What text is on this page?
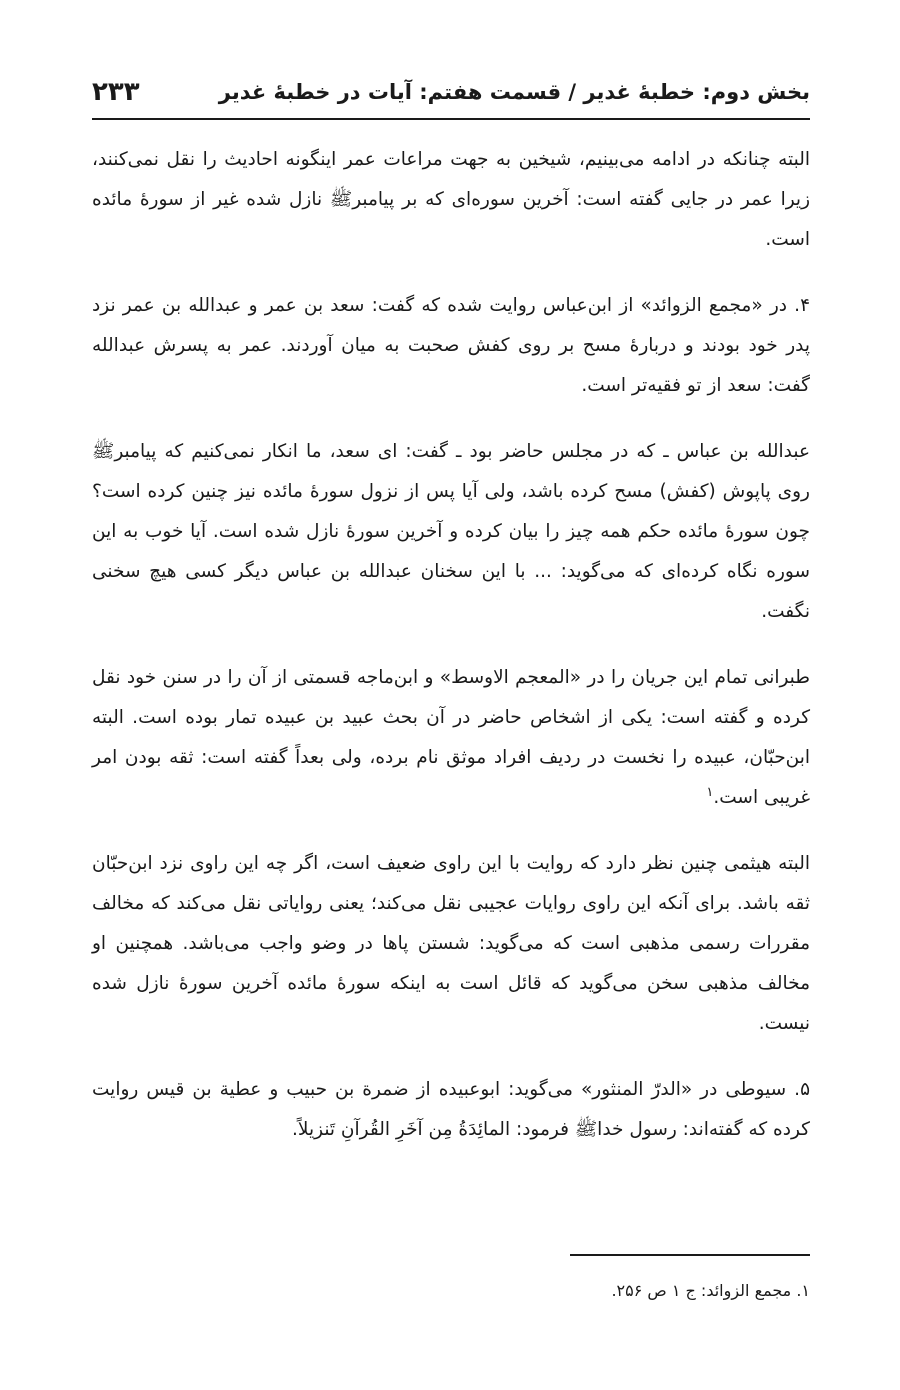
بخش دوم: خطبهٔ غدیر / قسمت هفتم: آیات در خطبهٔ غدیر
۲۳۳

البته چنانکه در ادامه می‌بینیم، شیخین به جهت مراعات عمر اینگونه احادیث را نقل نمی‌کنند، زیرا عمر در جایی گفته است: آخرین سوره‌ای که بر پیامبرﷺ نازل شده غیر از سورهٔ مائده است.

۴. در «مجمع الزوائد» از ابن‌عباس روایت شده که گفت: سعد بن عمر و عبدالله بن عمر نزد پدر خود بودند و دربارهٔ مسح بر روی کفش صحبت به میان آوردند. عمر به پسرش عبدالله گفت: سعد از تو فقیه‌تر است.

عبدالله بن عباس ـ که در مجلس حاضر بود ـ گفت: ای سعد، ما انکار نمی‌کنیم که پیامبرﷺ روی پاپوش (کفش) مسح کرده باشد، ولی آیا پس از نزول سورهٔ مائده نیز چنین کرده است؟ چون سورهٔ مائده حکم همه چیز را بیان کرده و آخرین سورهٔ نازل شده است. آیا خوب به این سوره نگاه کرده‌ای که می‌گوید: ... با این سخنان عبدالله بن عباس دیگر کسی هیچ سخنی نگفت.

طبرانی تمام این جریان را در «المعجم الاوسط» و ابن‌ماجه قسمتی از آن را در سنن خود نقل کرده و گفته است: یکی از اشخاص حاضر در آن بحث عبید بن عبیده تمار بوده است. البته ابن‌حبّان، عبیده را نخست در ردیف افراد موثق نام برده، ولی بعداً گفته است: ثقه بودن امر غریبی است.$^۱$

البته هیثمی چنین نظر دارد که روایت با این راوی ضعیف است، اگر چه این راوی نزد ابن‌حبّان ثقه باشد. برای آنکه این راوی روایات عجیبی نقل می‌کند؛ یعنی روایاتی نقل می‌کند که مخالف مقررات رسمی مذهبی است که می‌گوید: شستن پاها در وضو واجب می‌باشد. همچنین او مخالف مذهبی سخن می‌گوید که قائل است به اینکه سورهٔ مائده آخرین سورهٔ نازل شده نیست.

۵. سیوطی در «الدرّ المنثور» می‌گوید: ابوعبیده از ضمرة بن حبیب و عطیة بن قیس روایت کرده که گفته‌اند: رسول خداﷺ فرمود: المائِدَةُ مِن آخَرِ القُرآنِ تَنزیلاً.

۱. مجمع الزوائد: ج ۱ ص ۲۵۶.
